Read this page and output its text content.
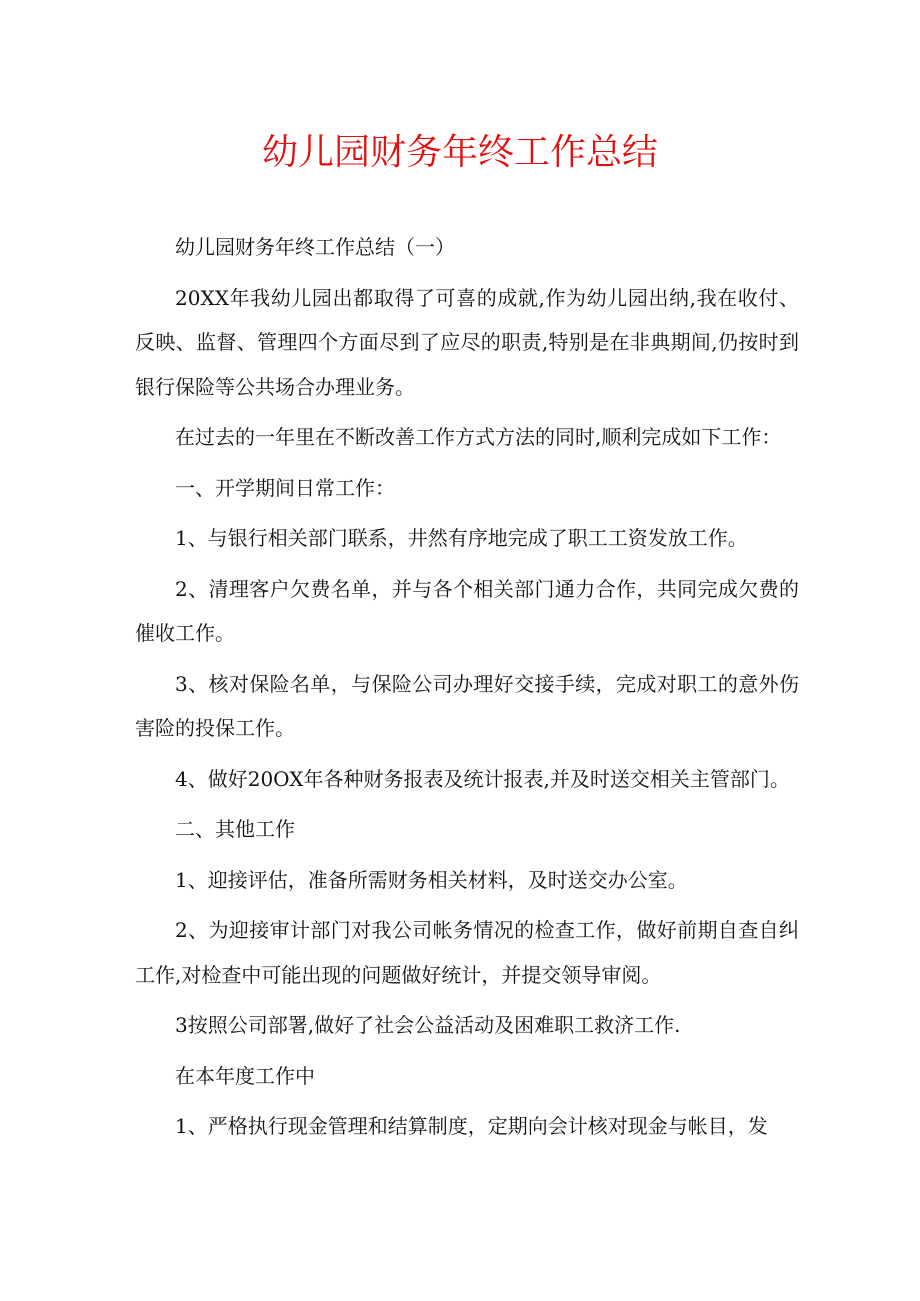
幼儿园财务年终工作总结

幼儿园财务年终工作总结（一）

20XX年我幼儿园出都取得了可喜的成就,作为幼儿园出纳,我在收付、反映、监督、管理四个方面尽到了应尽的职责,特别是在非典期间,仍按时到银行保险等公共场合办理业务。

在过去的一年里在不断改善工作方式方法的同时,顺利完成如下工作：

一、开学期间日常工作：

1、与银行相关部门联系，井然有序地完成了职工工资发放工作。

2、清理客户欠费名单，并与各个相关部门通力合作，共同完成欠费的催收工作。

3、核对保险名单，与保险公司办理好交接手续，完成对职工的意外伤害险的投保工作。

4、做好20OX年各种财务报表及统计报表,并及时送交相关主管部门。

二、其他工作

1、迎接评估，准备所需财务相关材料，及时送交办公室。

2、为迎接审计部门对我公司帐务情况的检查工作，做好前期自查自纠工作,对检查中可能出现的问题做好统计，并提交领导审阅。

3按照公司部署,做好了社会公益活动及困难职工救济工作.

在本年度工作中

1、严格执行现金管理和结算制度，定期向会计核对现金与帐目，发
